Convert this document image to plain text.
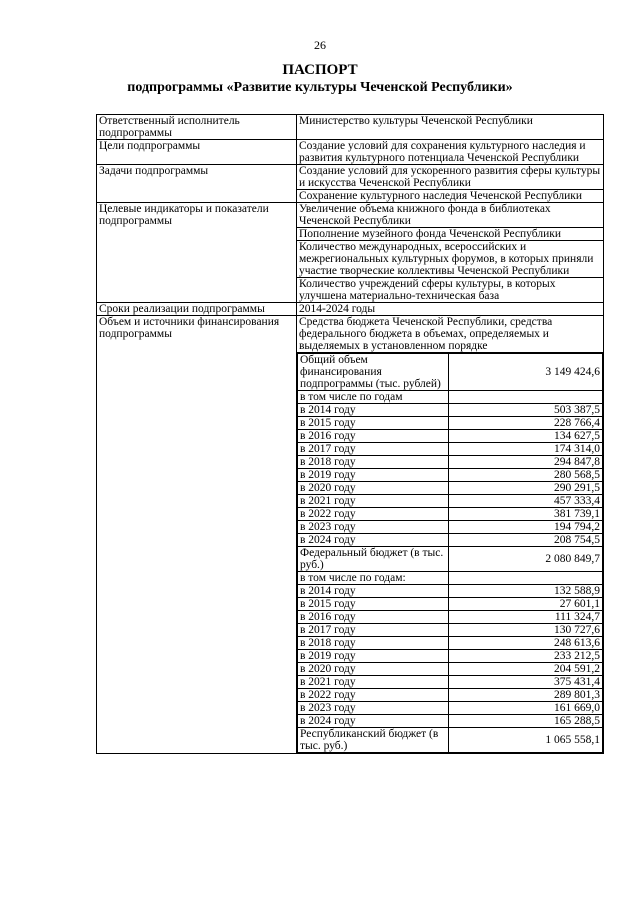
26
ПАСПОРТ
подпрограммы «Развитие культуры Чеченской Республики»
Ответственный исполнитель подпрограммы	Министерство культуры Чеченской Республики
Цели подпрограммы	Создание условий для сохранения культурного наследия и развития культурного потенциала Чеченской Республики
Задачи подпрограммы	Создание условий для ускоренного развития сферы культуры и искусства Чеченской Республики
Сохранение культурного наследия Чеченской Республики
Целевые индикаторы и показатели подпрограммы	Увеличение объема книжного фонда в библиотеках Чеченской Республики
Пополнение музейного фонда Чеченской Республики
Количество международных, всероссийских и межрегиональных культурных форумов, в которых приняли участие творческие коллективы Чеченской Республики
Количество учреждений сферы культуры, в которых улучшена материально-техническая база
Сроки реализации подпрограммы	2014-2024 годы
Объем и источники финансирования подпрограммы	Средства бюджета Чеченской Республики, средства федерального бюджета в объемах, определяемых и выделяемых в установленном порядке

Общий объем финансирования подпрограммы (тыс. рублей)	3 149 424,6
в том числе по годам	
в 2014 году	503 387,5
в 2015 году	228 766,4
в 2016 году	134 627,5
в 2017 году	174 314,0
в 2018 году	294 847,8
в 2019 году	280 568,5
в 2020 году	290 291,5
в 2021 году	457 333,4
в 2022 году	381 739,1
в 2023 году	194 794,2
в 2024 году	208 754,5
Федеральный бюджет (в тыс. руб.)	2 080 849,7
в том числе по годам:	
в 2014 году	132 588,9
в 2015 году	27 601,1
в 2016 году	111 324,7
в 2017 году	130 727,6
в 2018 году	248 613,6
в 2019 году	233 212,5
в 2020 году	204 591,2
в 2021 году	375 431,4
в 2022 году	289 801,3
в 2023 году	161 669,0
в 2024 году	165 288,5
Республиканский бюджет (в тыс. руб.)	1 065 558,1
